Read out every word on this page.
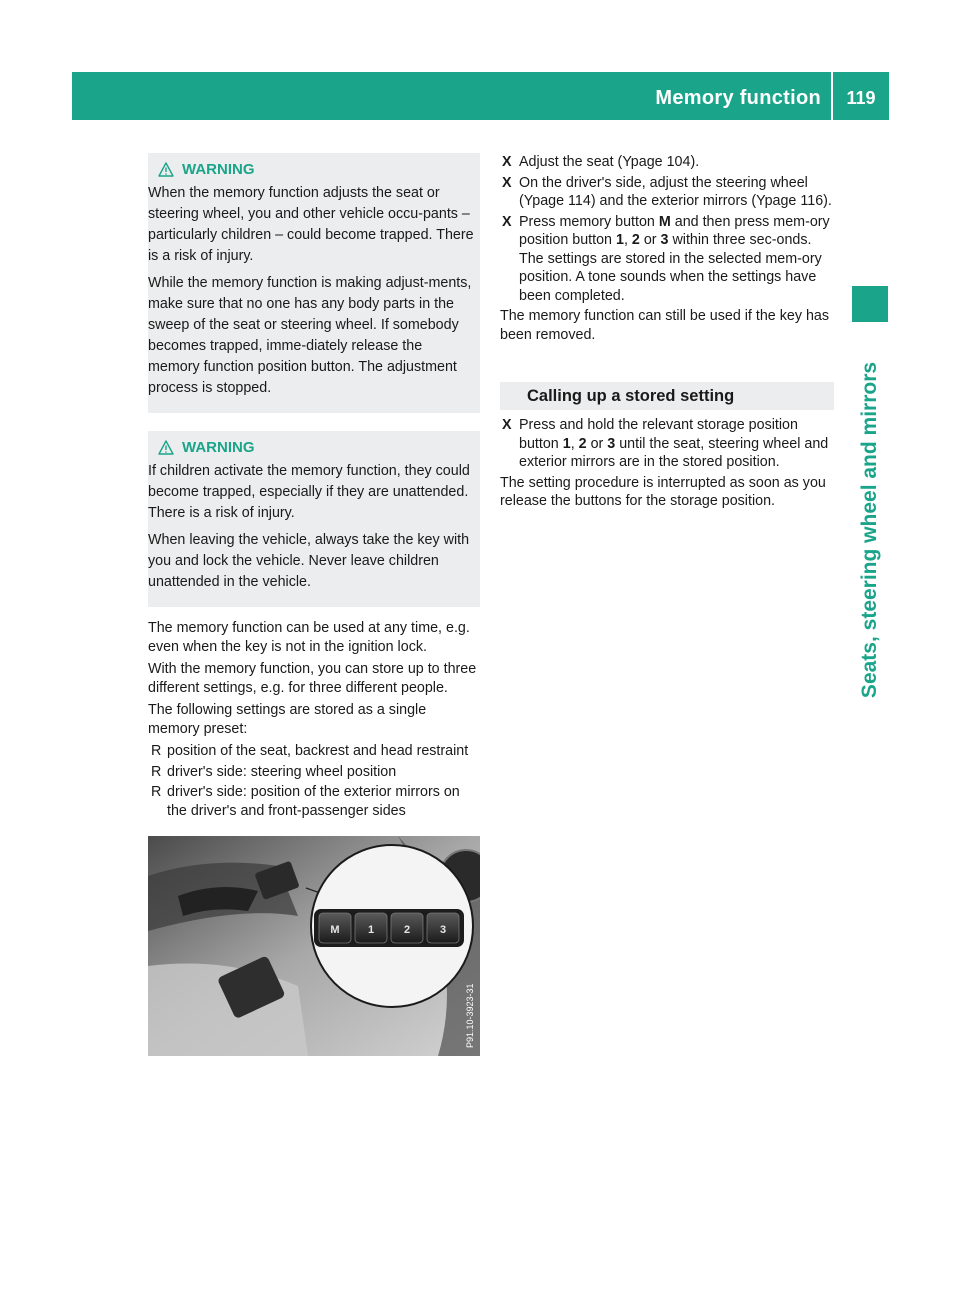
Memory function	119
Seats, steering wheel and mirrors
WARNING

When the memory function adjusts the seat or steering wheel, you and other vehicle occu-pants – particularly children – could become trapped. There is a risk of injury.

While the memory function is making adjust-ments, make sure that no one has any body parts in the sweep of the seat or steering wheel. If somebody becomes trapped, imme-diately release the memory function position button. The adjustment process is stopped.

WARNING

If children activate the memory function, they could become trapped, especially if they are unattended. There is a risk of injury.

When leaving the vehicle, always take the key with you and lock the vehicle. Never leave children unattended in the vehicle.

The memory function can be used at any time, e.g. even when the key is not in the ignition lock.

With the memory function, you can store up to three different settings, e.g. for three different people.

The following settings are stored as a single memory preset:

R position of the seat, backrest and head restraint
R driver's side: steering wheel position
R driver's side: position of the exterior mirrors on the driver's and front-passenger sides
M	1	2	3
P91.10-3923-31
X Adjust the seat (Ypage 104).
X On the driver's side, adjust the steering wheel (Ypage 114) and the exterior mirrors (Ypage 116).
X Press memory button M and then press mem-ory position button 1, 2 or 3 within three sec-onds.
The settings are stored in the selected mem-ory position. A tone sounds when the settings have been completed.

The memory function can still be used if the key has been removed.

Calling up a stored setting
X Press and hold the relevant storage position button 1, 2 or 3 until the seat, steering wheel and exterior mirrors are in the stored position.

The setting procedure is interrupted as soon as you release the buttons for the storage position.
